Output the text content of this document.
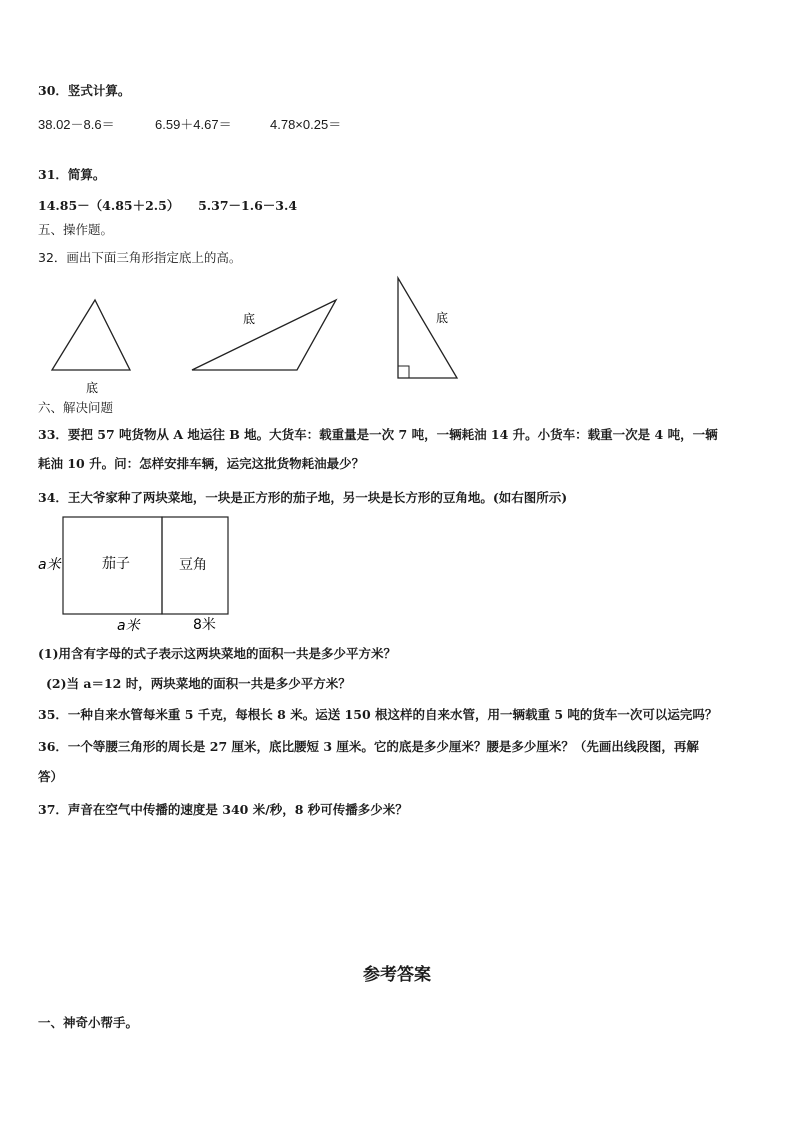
30．竖式计算。
38.02－8.6＝	6.59＋4.67＝	4.78×0.25＝
31．简算。
14.85－（4.85＋2.5）　　5.37－1.6－3.4
五、操作题。
32．画出下面三角形指定底上的高。
底
底	底
六、解决问题
33．要把 57 吨货物从 A 地运往 B 地。大货车：载重量是一次 7 吨，一辆耗油 14 升。小货车：载重一次是 4 吨，一辆
耗油 10 升。问：怎样安排车辆，运完这批货物耗油最少？
34．王大爷家种了两块菜地，一块是正方形的茄子地，另一块是长方形的豆角地。(如右图所示)
a米	茄子	豆角
a米	8米
(1)用含有字母的式子表示这两块菜地的面积一共是多少平方米？
(2)当 a＝12 时，两块菜地的面积一共是多少平方米？
35．一种自来水管每米重 5 千克，每根长 8 米。运送 150 根这样的自来水管，用一辆载重 5 吨的货车一次可以运完吗？
36．一个等腰三角形的周长是 27 厘米，底比腰短 3 厘米。它的底是多少厘米？腰是多少厘米？（先画出线段图，再解
答）
37．声音在空气中传播的速度是 340 米/秒，8 秒可传播多少米？
参考答案
一、神奇小帮手。
